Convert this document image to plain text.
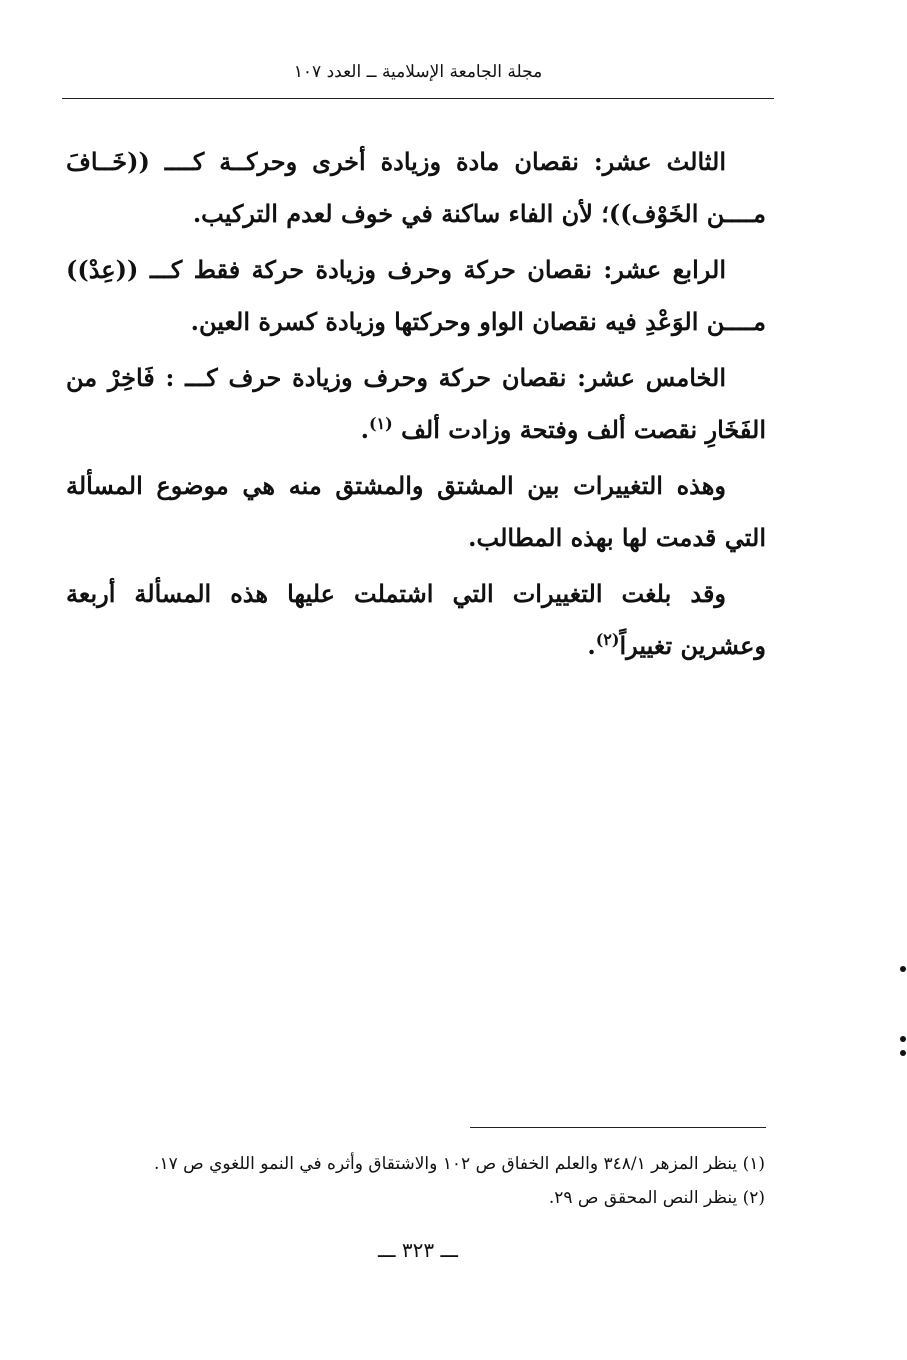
مجلة الجامعة الإسلامية ــ العدد ١٠٧

الثالث عشر: نقصان مادة وزيادة أخرى وحركــة كــــ ((خَــافَ مــــن الخَوْف))؛ لأن الفاء ساكنة في خوف لعدم التركيب.

الرابع عشر: نقصان حركة وحرف وزيادة حركة فقط كـــ ((عِدْ)) مــــن الوَعْدِ فيه نقصان الواو وحركتها وزيادة كسرة العين.

الخامس عشر: نقصان حركة وحرف وزيادة حرف كـــ : فَاخِرْ من الفَخَارِ نقصت ألف وفتحة وزادت ألف $^{(١)}$.

وهذه التغييرات بين المشتق والمشتق منه هي موضوع المسألة التي قدمت لها بهذه المطالب.

وقد بلغت التغييرات التي اشتملت عليها هذه المسألة أربعة وعشرين تغييراً$^{(٢)}$.

(١) ينظر المزهر ٣٤٨/١ والعلم الخفاق ص ١٠٢ والاشتقاق وأثره في النمو اللغوي ص ١٧.
(٢) ينظر النص المحقق ص ٢٩.
ـــ ٣٢٣ ـــ
